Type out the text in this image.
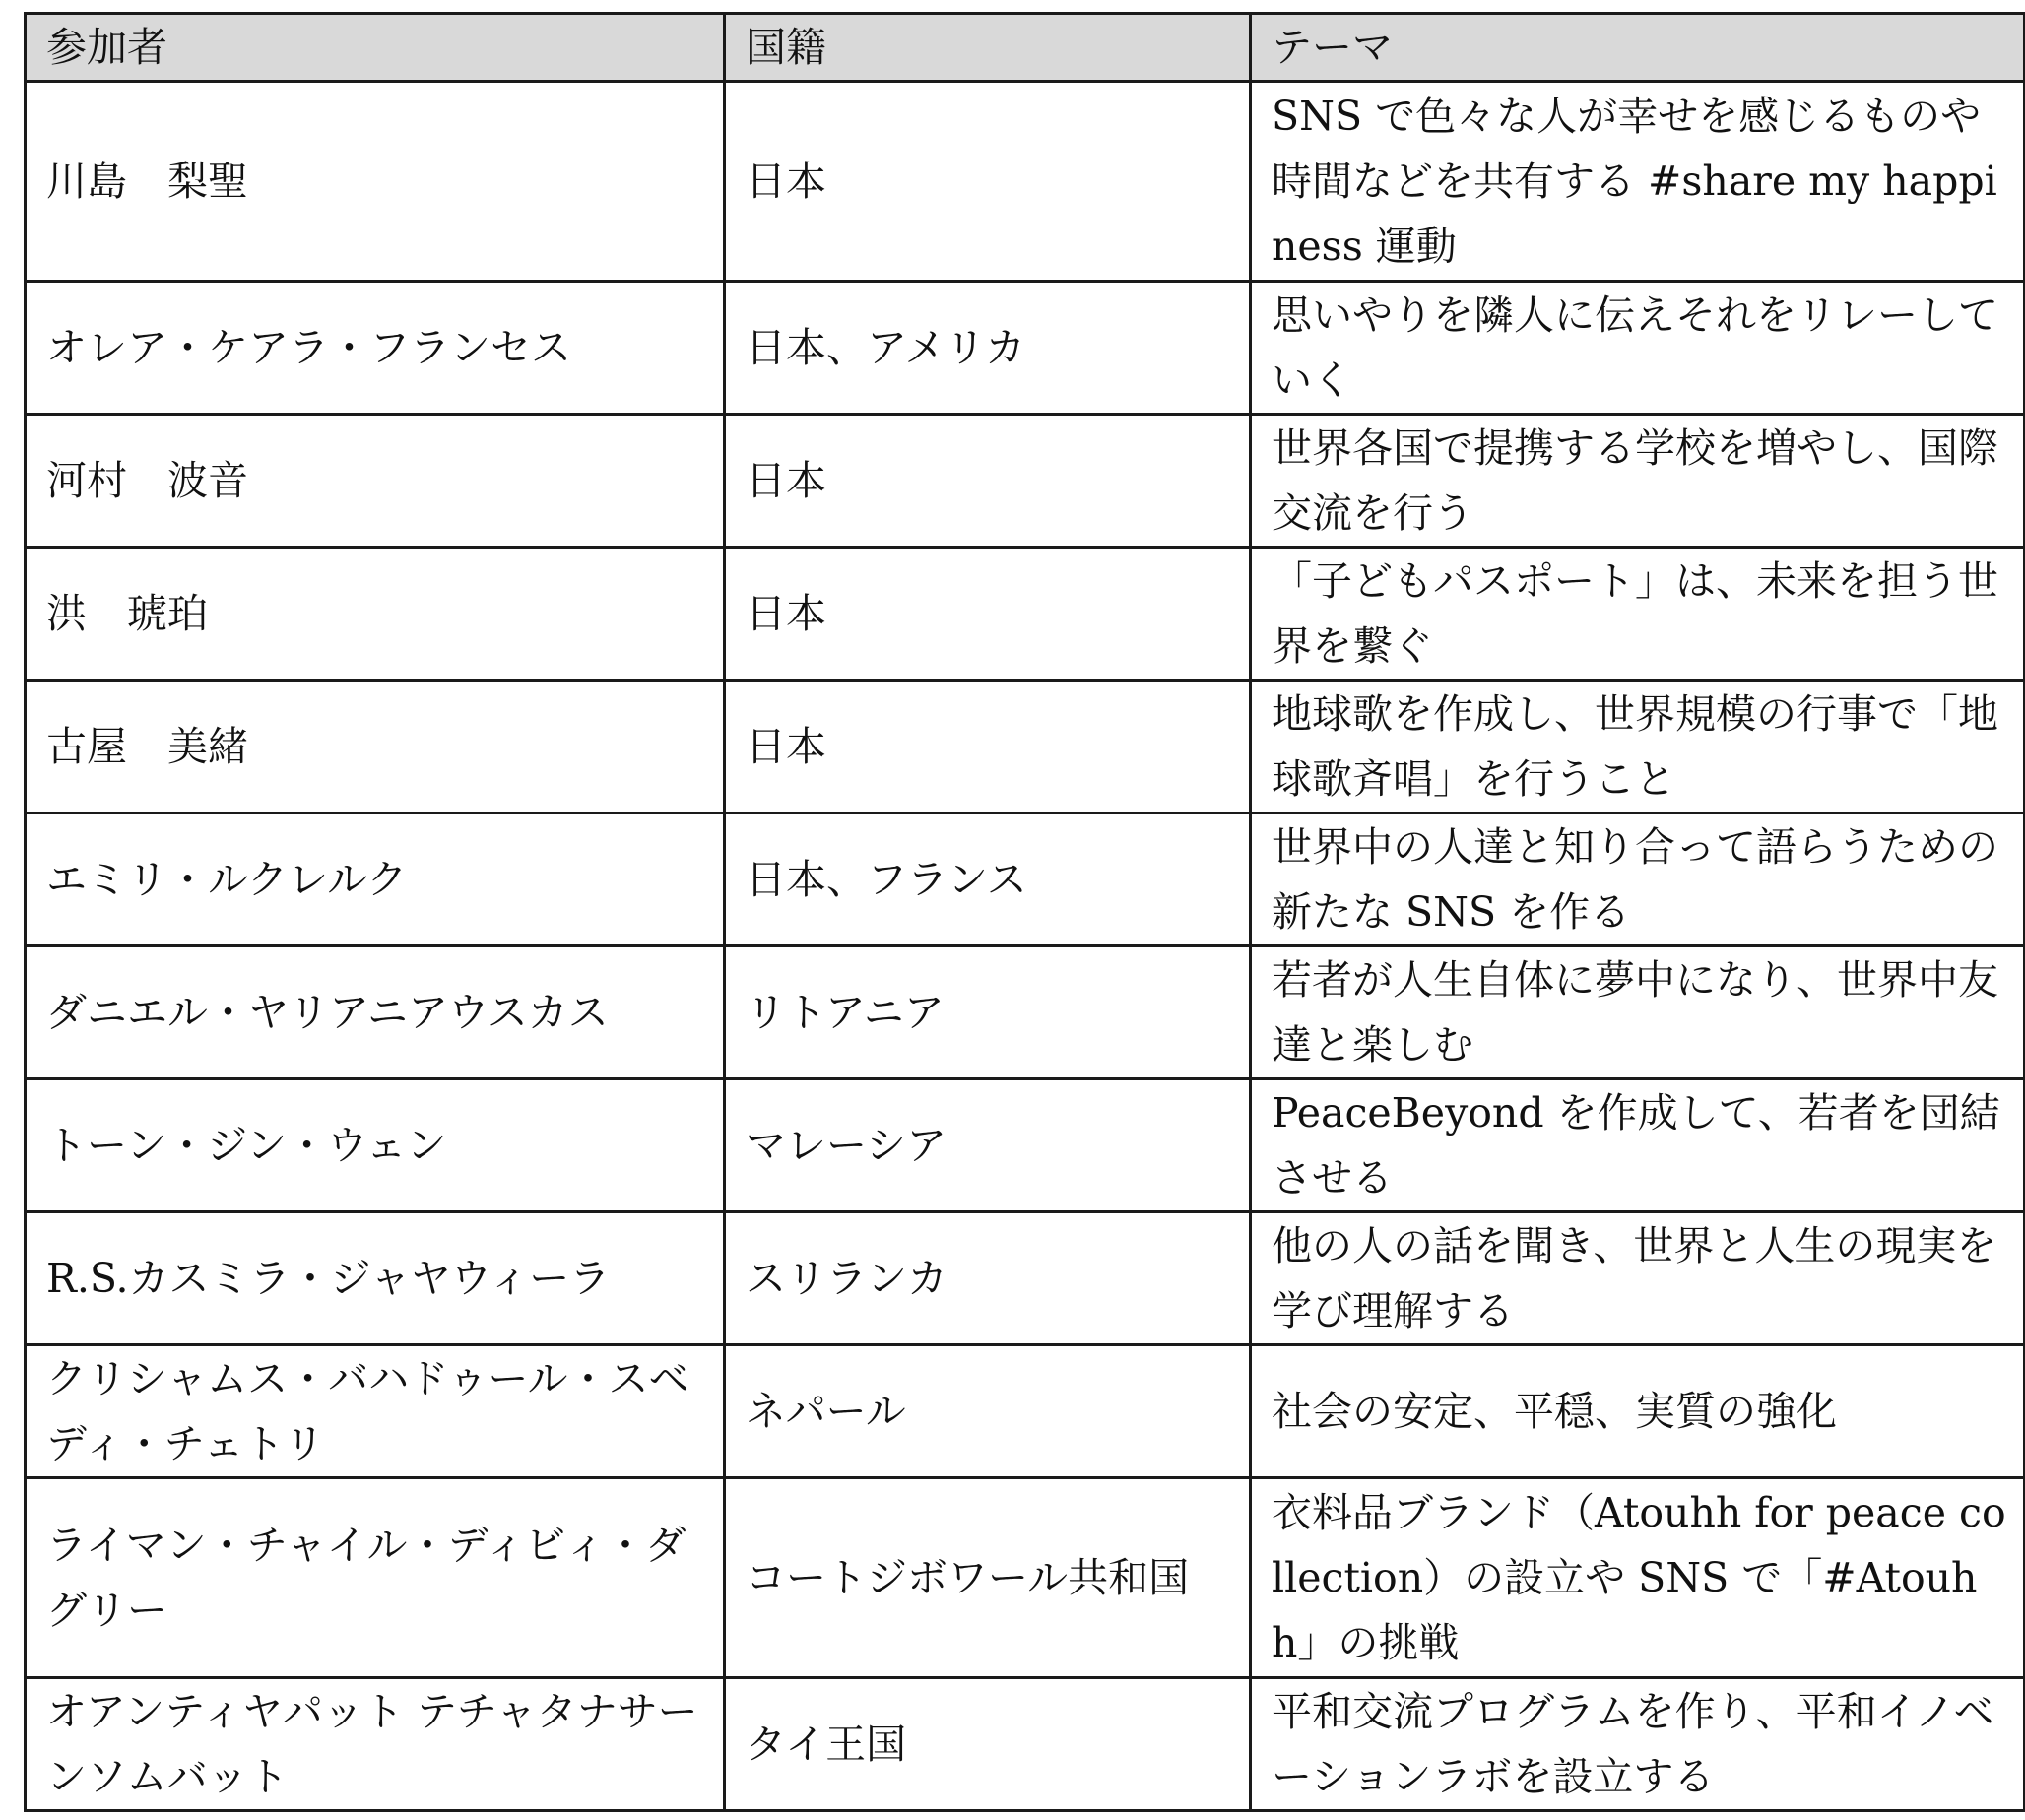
参加者	国籍	テーマ
川島　梨聖	日本	SNS で色々な人が幸せを感じるものや時間などを共有する #share my happiness 運動
オレア・ケアラ・フランセス	日本、アメリカ	思いやりを隣人に伝えそれをリレーしていく
河村　波音	日本	世界各国で提携する学校を増やし、国際交流を行う
洪　琥珀	日本	「子どもパスポート」は、未来を担う世界を繋ぐ
古屋　美緒	日本	地球歌を作成し、世界規模の行事で「地球歌斉唱」を行うこと
エミリ・ルクレルク	日本、フランス	世界中の人達と知り合って語らうための新たな SNS を作る
ダニエル・ヤリアニアウスカス	リトアニア	若者が人生自体に夢中になり、世界中友達と楽しむ
トーン・ジン・ウェン	マレーシア	PeaceBeyond を作成して、若者を団結させる
R.S.カスミラ・ジャヤウィーラ	スリランカ	他の人の話を聞き、世界と人生の現実を学び理解する
クリシャムス・バハドゥール・スベディ・チェトリ	ネパール	社会の安定、平穏、実質の強化
ライマン・チャイル・ディビィ・ダグリー	コートジボワール共和国	衣料品ブランド（Atouhh for peace collection）の設立や SNS で「#Atouhh」の挑戦
オアンティヤパット テチャタナサーンソムバット	タイ王国	平和交流プログラムを作り、平和イノベーションラボを設立する
